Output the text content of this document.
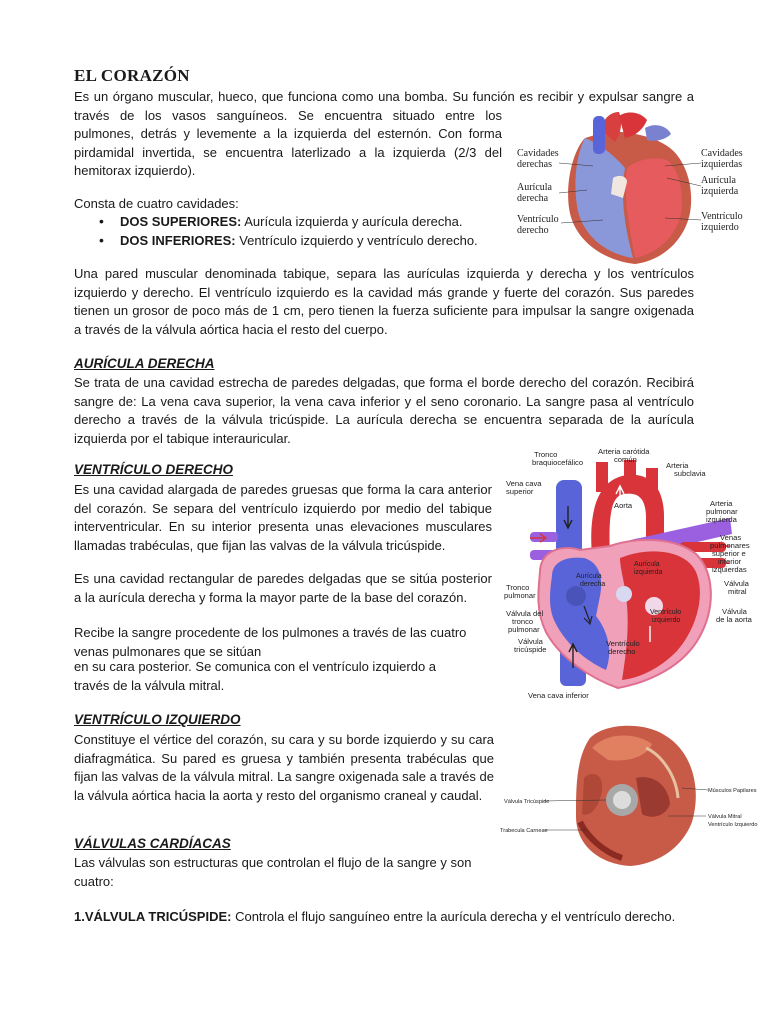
EL CORAZÓN

Es un órgano muscular, hueco, que funciona como una bomba. Su función es recibir y expulsar sangre a través de los vasos sanguíneos. Se encuentra situado entre los pulmones, detrás y levemente a la izquierda del esternón. Con forma pirdamidal invertida, se encuentra laterlizado a la izquierda (2/3 del hemitorax izquierdo).

Consta de cuatro cavidades:

• DOS SUPERIORES: Aurícula izquierda y aurícula derecha.
• DOS INFERIORES: Ventrículo izquierdo y ventrículo derecho.
Cavidades
derechas
Aurícula
derecha
Ventrículo
derecho
Cavidades
izquierdas
Aurícula
izquierda
Ventrículo
izquierdo

Una pared muscular denominada tabique, separa las aurículas izquierda y derecha y los ventrículos izquierdo y derecho. El ventrículo izquierdo es la cavidad más grande y fuerte del corazón. Sus paredes tienen un grosor de poco más de 1 cm, pero tienen la fuerza suficiente para impulsar la sangre oxigenada a través de la válvula aórtica hacia el resto del cuerpo.

AURÍCULA DERECHA

Se trata de una cavidad estrecha de paredes delgadas, que forma el borde derecho del corazón. Recibirá sangre de: La vena cava superior, la vena cava inferior y el seno coronario. La sangre pasa al ventrículo derecho a través de la válvula tricúspide. La aurícula derecha se encuentra separada de la aurícula izquierda por el tabique interauricular.

VENTRÍCULO DERECHO

Es una cavidad alargada de paredes gruesas que forma la cara anterior del corazón. Se separa del ventrículo izquierdo por medio del tabique interventricular. En su interior presenta unas elevaciones musculares llamadas trabéculas, que fijan las valvas de la válvula tricúspide.

Es una cavidad rectangular de paredes delgadas que se sitúa posterior a la aurícula derecha y forma la mayor parte de la base del corazón.

Recibe la sangre procedente de los pulmones a través de las cuatro venas pulmonares que se sitúan

en su cara posterior. Se comunica con el ventrículo izquierdo a través de la válvula mitral.

Tronco
braquiocefálico
Arteria carótida
común
Arteria
subclavia
Vena cava
superior
Aorta	Arteria
pulmonar
izquierda
Venas
pulmonares
superior e
inferior
izquierdas
Aurícula
derecha
Aurícula
izquierda
Tronco
pulmonar
Válvula
mitral
Válvula del
tronco
pulmonar
Ventrículo
izquierdo
Válvula
de la aorta
Válvula
tricúspide
Ventrículo
derecho
Vena cava inferior

VENTRÍCULO IZQUIERDO

Constituye el vértice del corazón, su cara y su borde izquierdo y su cara diafragmática. Su pared es gruesa y también presenta trabéculas que fijan las valvas de la válvula mitral. La sangre oxigenada sale a través de la válvula aórtica hacia la aorta y resto del organismo craneal y caudal.	Músculos Papilares
Válvula Tricúspide
Válvula Mitral
Ventrículo Izquierdo
Trabecula Carneae

VÁLVULAS CARDÍACAS

Las válvulas son estructuras que controlan el flujo de la sangre y son cuatro:

1.VÁLVULA TRICÚSPIDE: Controla el flujo sanguíneo entre la aurícula derecha y el ventrículo derecho.
